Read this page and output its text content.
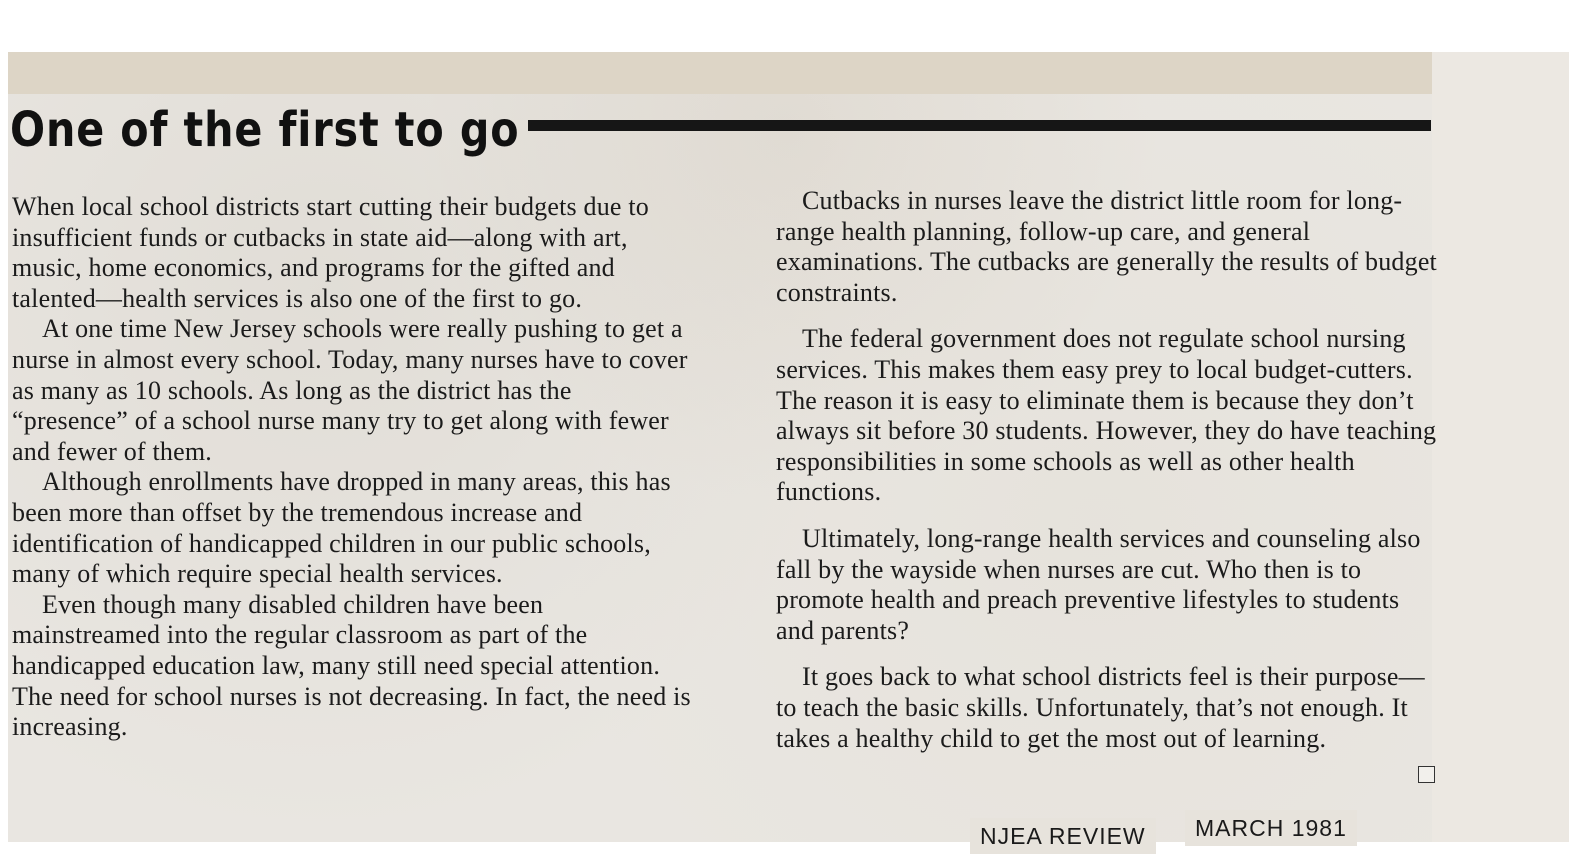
One of the first to go

When local school districts start cutting their budgets due to insufficient funds or cutbacks in state aid—along with art, music, home economics, and programs for the gifted and talented—health services is also one of the first to go.

At one time New Jersey schools were really pushing to get a nurse in almost every school. Today, many nurses have to cover as many as 10 schools. As long as the district has the “presence” of a school nurse many try to get along with fewer and fewer of them.

Although enrollments have dropped in many areas, this has been more than offset by the tremendous increase and identification of handicapped children in our public schools, many of which require special health services.

Even though many disabled children have been mainstreamed into the regular classroom as part of the handicapped education law, many still need special attention. The need for school nurses is not decreasing. In fact, the need is increasing.

Cutbacks in nurses leave the district little room for long-range health planning, follow-up care, and general examinations. The cutbacks are generally the results of budget constraints.

The federal government does not regulate school nursing services. This makes them easy prey to local budget-cutters. The reason it is easy to eliminate them is because they don’t always sit before 30 students. However, they do have teaching responsibilities in some schools as well as other health functions.

Ultimately, long-range health services and counseling also fall by the wayside when nurses are cut. Who then is to promote health and preach preventive lifestyles to students and parents?

It goes back to what school districts feel is their purpose—to teach the basic skills. Unfortunately, that’s not enough. It takes a healthy child to get the most out of learning.

NJEA REVIEW	MARCH 1981
